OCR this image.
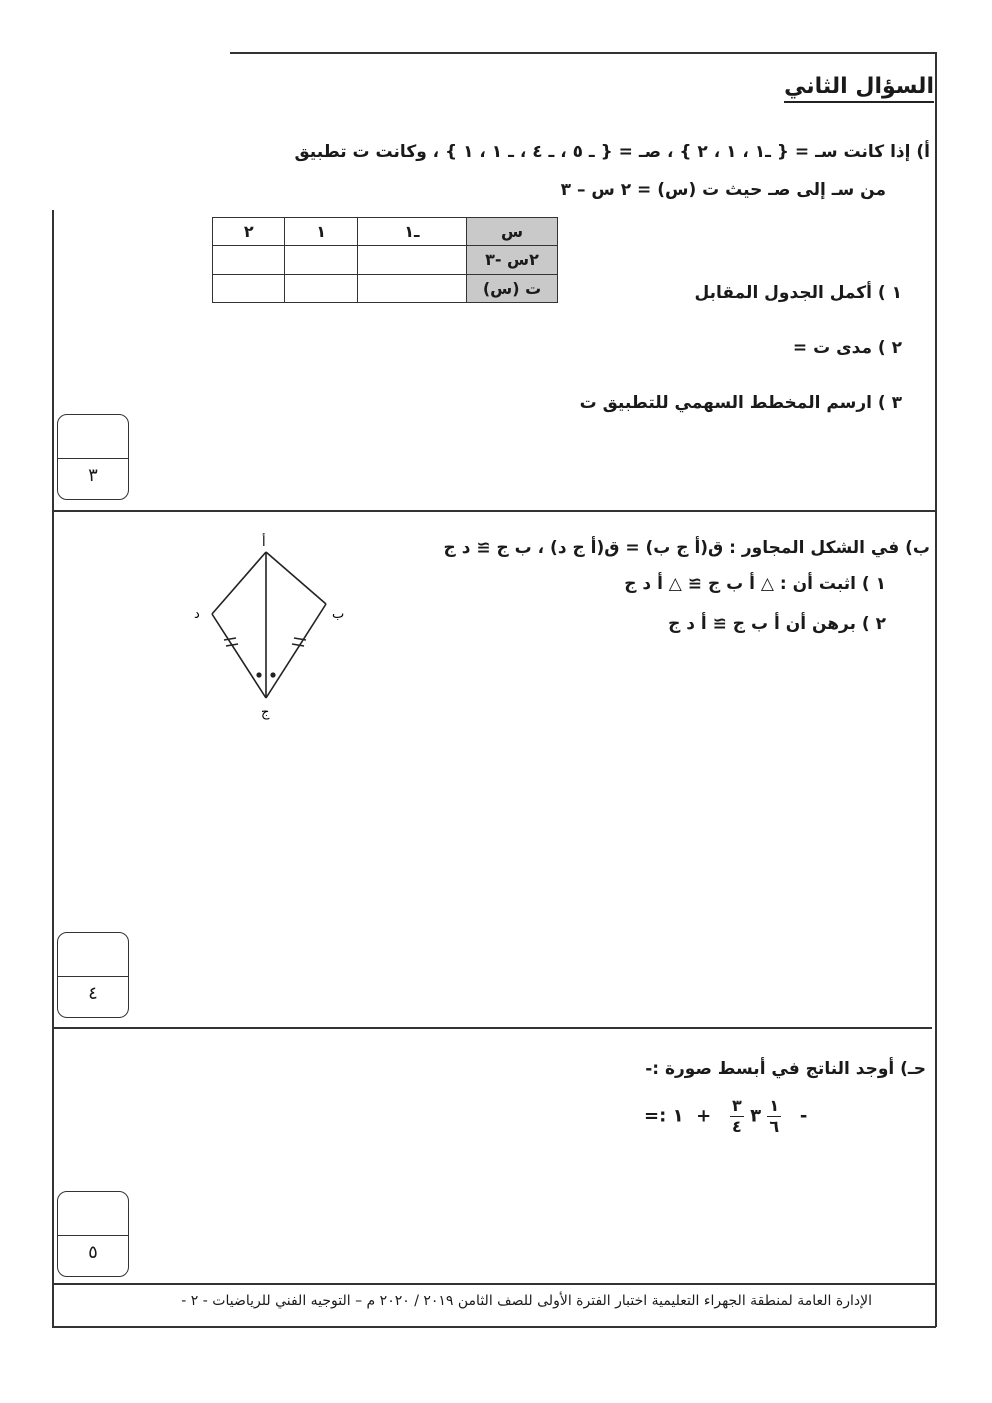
السؤال الثاني
أ) إذا كانت سـ = { ـ١ ، ١ ، ٢ } ، صـ = { ـ ٥ ، ـ ٤ ، ـ ١ ، ١ } ، وكانت ت تطبيق
من سـ إلى صـ حيث ت (س) = ٢ س – ٣
٢	١	ـ١	س
			٢س -٣
			ت (س)	١ ) أكمل الجدول المقابل
٢ ) مدى ت =
٣ ) ارسم المخطط السهمي للتطبيق ت
٣
ب) في الشكل المجاور : ق(أ ج ب) = ق(أ ج د) ، ب ج ≅ د ج
١ ) اثبت أن : △ أ ب ج ≅ △ أ د ج
٢ ) برهن أن أ ب ج ≅ أ د ج
أ
ب
د
ج
٤
حـ) أوجد الناتج في أبسط صورة :-
=:	٣
$\frac{٣}{٤}$
+  ١	$\frac{١}{٦}$ -
٥
الإدارة العامة لمنطقة الجهراء التعليمية اختبار الفترة الأولى للصف الثامن ٢٠١٩ / ٢٠٢٠ م – التوجيه الفني للرياضيات - ٢ -
